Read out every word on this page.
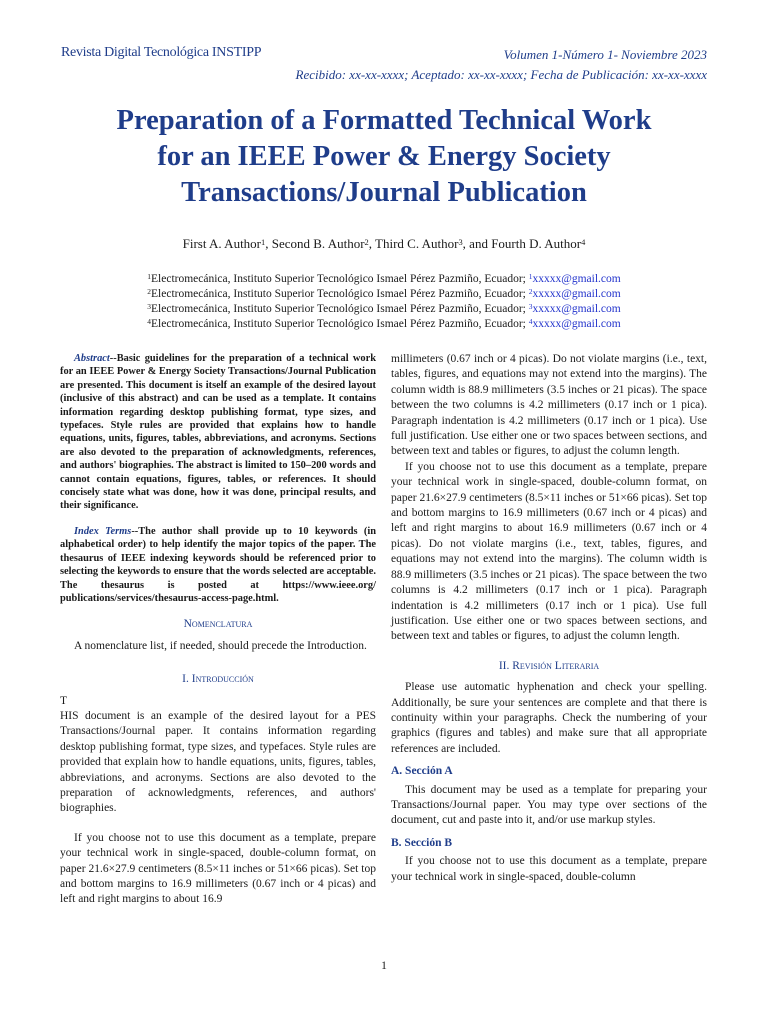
Revista Digital Tecnológica INSTIPP	Volumen 1-Número 1- Noviembre 2023
Recibido: xx-xx-xxxx; Aceptado: xx-xx-xxxx; Fecha de Publicación: xx-xx-xxxx
Preparation of a Formatted Technical Work
for an IEEE Power & Energy Society
Transactions/Journal Publication
First A. Author$^1$, Second B. Author$^2$, Third C. Author$^3$, and Fourth D. Author$^4$
$^1$Electromecánica, Instituto Superior Tecnológico Ismael Pérez Pazmiño, Ecuador; $^1$xxxxx@gmail.com
$^2$Electromecánica, Instituto Superior Tecnológico Ismael Pérez Pazmiño, Ecuador; $^2$xxxxx@gmail.com
$^3$Electromecánica, Instituto Superior Tecnológico Ismael Pérez Pazmiño, Ecuador; $^3$xxxxx@gmail.com
$^4$Electromecánica, Instituto Superior Tecnológico Ismael Pérez Pazmiño, Ecuador; $^4$xxxxx@gmail.com

Abstract--Basic guidelines for the preparation of a technical work for an IEEE Power & Energy Society Transactions/Journal Publication are presented. This document is itself an example of the desired layout (inclusive of this abstract) and can be used as a template. It contains information regarding desktop publishing format, type sizes, and typefaces. Style rules are provided that explains how to handle equations, units, figures, tables, abbreviations, and acronyms. Sections are also devoted to the preparation of acknowledgments, references, and authors' biographies. The abstract is limited to 150–200 words and cannot contain equations, figures, tables, or references. It should concisely state what was done, how it was done, principal results, and their significance.

Index Terms--The author shall provide up to 10 keywords (in alphabetical order) to help identify the major topics of the paper. The thesaurus of IEEE indexing keywords should be referenced prior to selecting the keywords to ensure that the words selected are acceptable. The thesaurus is posted at https://www.ieee.org/ publications/services/thesaurus-access-page.html.

Nomenclatura

A nomenclature list, if needed, should precede the Introduction.

I. Introducción
T

HIS document is an example of the desired layout for a PES Transactions/Journal paper. It contains information regarding desktop publishing format, type sizes, and typefaces. Style rules are provided that explain how to handle equations, units, figures, tables, abbreviations, and acronyms. Sections are also devoted to the preparation of acknowledgments, references, and authors' biographies.

If you choose not to use this document as a template, prepare your technical work in single-spaced, double-column format, on paper 21.6×27.9 centimeters (8.5×11 inches or 51×66 picas). Set top and bottom margins to 16.9 millimeters (0.67 inch or 4 picas) and left and right margins to about 16.9

millimeters (0.67 inch or 4 picas). Do not violate margins (i.e., text, tables, figures, and equations may not extend into the margins). The column width is 88.9 millimeters (3.5 inches or 21 picas). The space between the two columns is 4.2 millimeters (0.17 inch or 1 pica). Paragraph indentation is 4.2 millimeters (0.17 inch or 1 pica). Use full justification. Use either one or two spaces between sections, and between text and tables or figures, to adjust the column length.

If you choose not to use this document as a template, prepare your technical work in single-spaced, double-column format, on paper 21.6×27.9 centimeters (8.5×11 inches or 51×66 picas). Set top and bottom margins to 16.9 millimeters (0.67 inch or 4 picas) and left and right margins to about 16.9 millimeters (0.67 inch or 4 picas). Do not violate margins (i.e., text, tables, figures, and equations may not extend into the margins). The column width is 88.9 millimeters (3.5 inches or 21 picas). The space between the two columns is 4.2 millimeters (0.17 inch or 1 pica). Paragraph indentation is 4.2 millimeters (0.17 inch or 1 pica). Use full justification. Use either one or two spaces between sections, and between text and tables or figures, to adjust the column length.

II. Revisión Literaria

Please use automatic hyphenation and check your spelling. Additionally, be sure your sentences are complete and that there is continuity within your paragraphs. Check the numbering of your graphics (figures and tables) and make sure that all appropriate references are included.

A. Sección A

This document may be used as a template for preparing your Transactions/Journal paper. You may type over sections of the document, cut and paste into it, and/or use markup styles.

B. Sección B

If you choose not to use this document as a template, prepare your technical work in single-spaced, double-column

1
